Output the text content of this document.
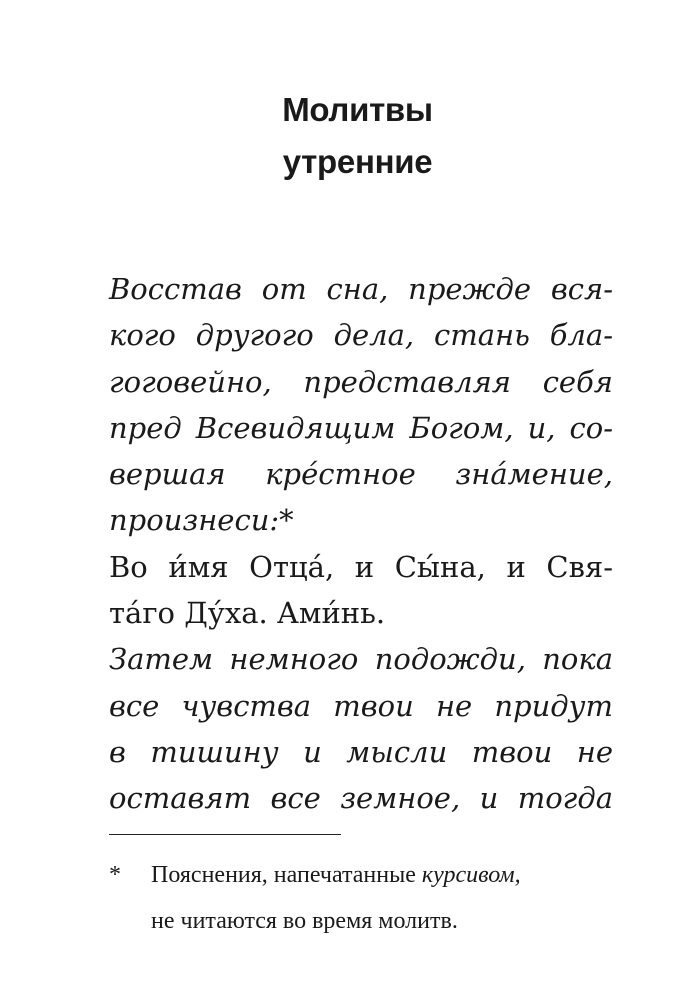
Молитвы
утренние
Восстав от сна, прежде вся-
кого другого дела, стань бла-
гоговейно, представляя себя
пред Всевидящим Богом, и, со-
вершая кре́стное зна́мение,
произнеси:*
Во и́мя Отца́, и Сы́на, и Свя-
та́го Ду́ха. Ами́нь.
Затем немного подожди, пока
все чувства твои не придут
в тишину и мысли твои не
оставят все земное, и тогда
* Пояснения, напечатанные курсивом,
не читаются во время молитв.
